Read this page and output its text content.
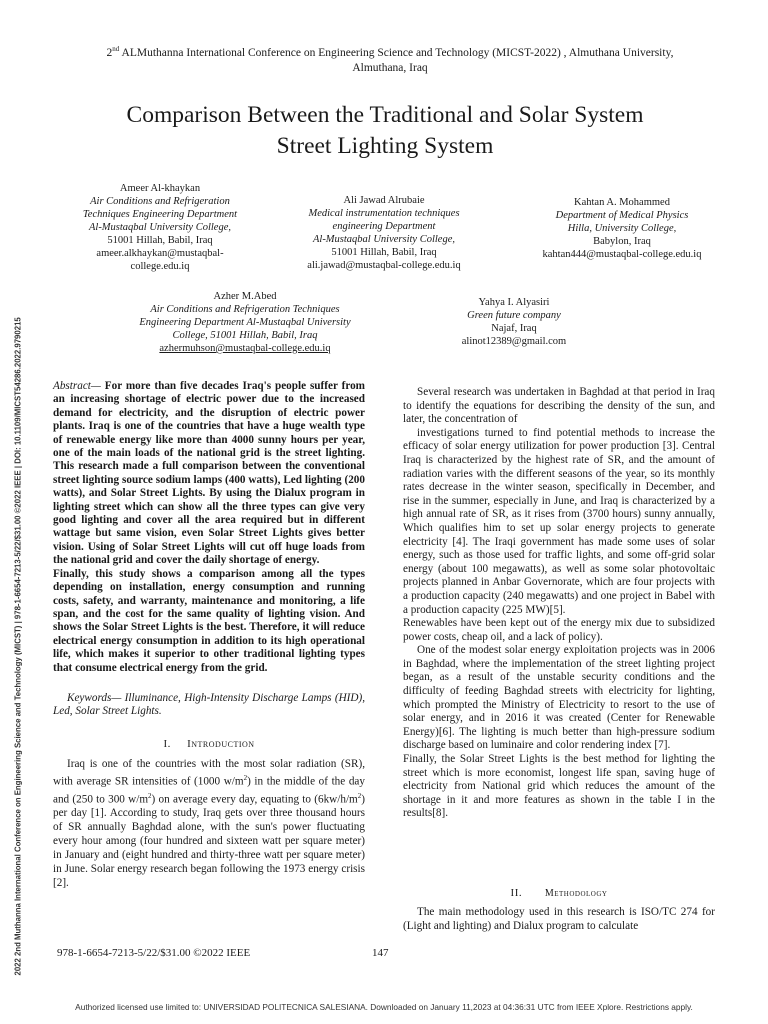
2022 2nd Muthanna International Conference on Engineering Science and Technology (MICST) | 978-1-6654-7213-5/22/$31.00 ©2022 IEEE | DOI: 10.1109/MICST54286.2022.9790215
2nd ALMuthanna International Conference on Engineering Science and Technology (MICST-2022) , Almuthana University,
Almuthana, Iraq
Comparison Between the Traditional and Solar System
Street Lighting System
Ameer Al-khaykan
Air Conditions and Refrigeration
Techniques Engineering Department
Al-Mustaqbal University College,
51001 Hillah, Babil, Iraq
ameer.alkhaykan@mustaqbal-
college.edu.iq
Ali Jawad Alrubaie
Medical instrumentation techniques
engineering Department
Al-Mustaqbal University College,
51001 Hillah, Babil, Iraq
ali.jawad@mustaqbal-college.edu.iq
Kahtan A. Mohammed
Department of Medical Physics
Hilla, University College,
Babylon, Iraq
kahtan444@mustaqbal-college.edu.iq
Azher M.Abed
Air Conditions and Refrigeration Techniques
Engineering Department Al-Mustaqbal University
College, 51001 Hillah, Babil, Iraq
azhermuhson@mustaqbal-college.edu.iq
Yahya I. Alyasiri
Green future company
Najaf, Iraq
alinot12389@gmail.com

Abstract— For more than five decades Iraq's people suffer from an increasing shortage of electric power due to the increased demand for electricity, and the disruption of electric power plants. Iraq is one of the countries that have a huge wealth type of renewable energy like more than 4000 sunny hours per year, one of the main loads of the national grid is the street lighting. This research made a full comparison between the conventional street lighting source sodium lamps (400 watts), Led lighting (200 watts), and Solar Street Lights. By using the Dialux program in lighting street which can show all the three types can give very good lighting and cover all the area required but in different wattage but same vision, even Solar Street Lights gives better vision. Using of Solar Street Lights will cut off huge loads from the national grid and cover the daily shortage of energy.

Finally, this study shows a comparison among all the types depending on installation, energy consumption and running costs, safety, and warranty, maintenance and monitoring, a life span, and the cost for the same quality of lighting vision. And shows the Solar Street Lights is the best. Therefore, it will reduce electrical energy consumption in addition to its high operational life, which makes it superior to other traditional lighting types that consume electrical energy from the grid.

Keywords— Illuminance, High-Intensity Discharge Lamps (HID), Led, Solar Street Lights.

I. Introduction

Iraq is one of the countries with the most solar radiation (SR), with average SR intensities of (1000 $w/m^2$) in the middle of the day and (250 to 300 $w/m^2$) on average every day, equating to $(6kw/h/m^2)$ per day [1]. According to study, Iraq gets over three thousand hours of SR annually Baghdad alone, with the sun's power fluctuating every hour among (four hundred and sixteen watt per square meter) in January and (eight hundred and thirty-three watt per square meter) in June. Solar energy research began following the 1973 energy crisis [2].

Several research was undertaken in Baghdad at that period in Iraq to identify the equations for describing the density of the sun, and later, the concentration of

investigations turned to find potential methods to increase the efficacy of solar energy utilization for power production [3]. Central Iraq is characterized by the highest rate of SR, and the amount of radiation varies with the different seasons of the year, so its monthly rates decrease in the winter season, specifically in December, and rise in the summer, especially in June, and Iraq is characterized by a high annual rate of SR, as it rises from (3700 hours) sunny annually, Which qualifies him to set up solar energy projects to generate electricity [4]. The Iraqi government has made some uses of solar energy, such as those used for traffic lights, and some off-grid solar energy (about 100 megawatts), as well as some solar photovoltaic projects planned in Anbar Governorate, which are four projects with a production capacity (240 megawatts) and one project in Babel with a production capacity (225 MW)[5].

Renewables have been kept out of the energy mix due to subsidized power costs, cheap oil, and a lack of policy).

One of the modest solar energy exploitation projects was in 2006 in Baghdad, where the implementation of the street lighting project began, as a result of the unstable security conditions and the difficulty of feeding Baghdad streets with electricity for lighting, which prompted the Ministry of Electricity to resort to the use of solar energy, and in 2016 it was created (Center for Renewable Energy)[6]. The lighting is much better than high-pressure sodium discharge based on luminaire and color rendering index [7].

Finally, the Solar Street Lights is the best method for lighting the street which is more economist, longest life span, saving huge of electricity from National grid which reduces the amount of the shortage in it and more features as shown in the table I in the results[8].

II. Methodology

The main methodology used in this research is ISO/TC 274 for (Light and lighting) and Dialux program to calculate

978-1-6654-7213-5/22/$31.00 ©2022 IEEE	147
Authorized licensed use limited to: UNIVERSIDAD POLITECNICA SALESIANA. Downloaded on January 11,2023 at 04:36:31 UTC from IEEE Xplore. Restrictions apply.
